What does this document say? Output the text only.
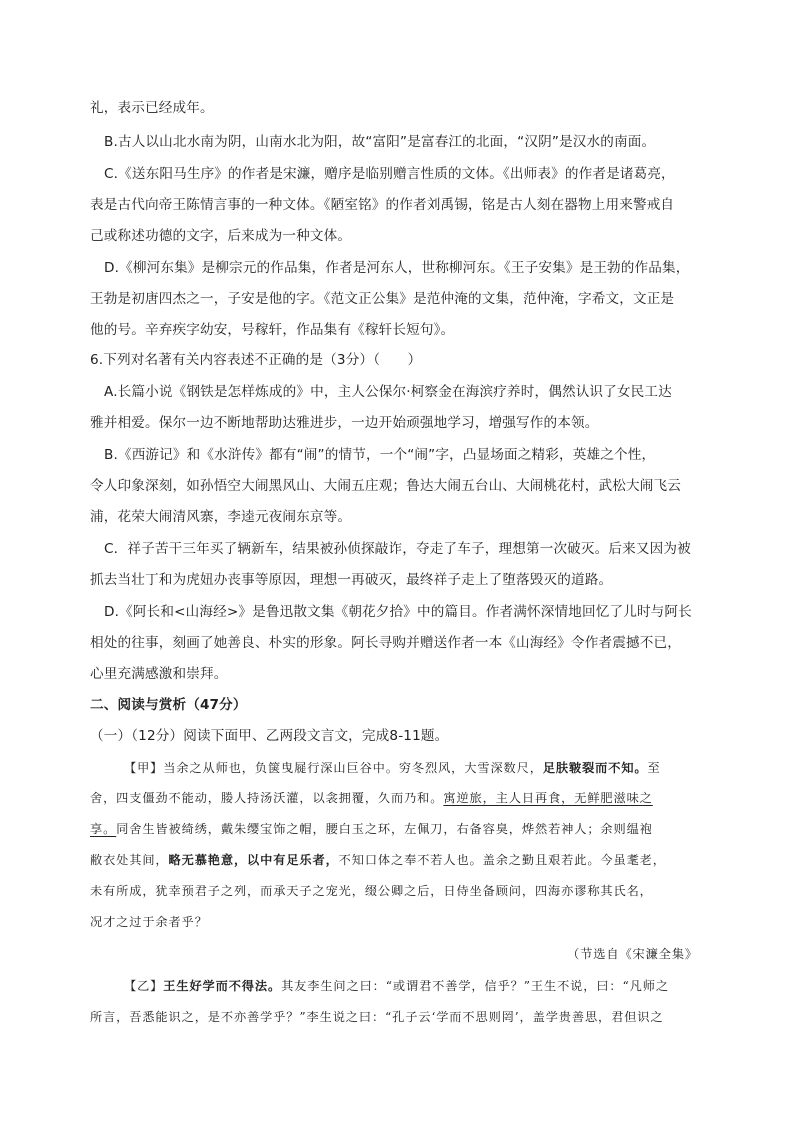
礼，表示已经成年。
B.古人以山北水南为阴，山南水北为阳，故“富阳”是富春江的北面，“汉阴”是汉水的南面。
C.《送东阳马生序》的作者是宋濂，赠序是临别赠言性质的文体。《出师表》的作者是诸葛亮，
表是古代向帝王陈情言事的一种文体。《陋室铭》的作者刘禹锡，铭是古人刻在器物上用来警戒自
己或称述功德的文字，后来成为一种文体。
D.《柳河东集》是柳宗元的作品集，作者是河东人，世称柳河东。《王子安集》是王勃的作品集，
王勃是初唐四杰之一，子安是他的字。《范文正公集》是范仲淹的文集，范仲淹，字希文，文正是
他的号。辛弃疾字幼安，号稼轩，作品集有《稼轩长短句》。
6.下列对名著有关内容表述不正确的是（3分）（　　）
A.长篇小说《钢铁是怎样炼成的》中，主人公保尔·柯察金在海滨疗养时，偶然认识了女民工达
雅并相爱。保尔一边不断地帮助达雅进步，一边开始顽强地学习，增强写作的本领。
B.《西游记》和《水浒传》都有“闹”的情节，一个“闹”字，凸显场面之精彩，英雄之个性，
令人印象深刻，如孙悟空大闹黑风山、大闹五庄观；鲁达大闹五台山、大闹桃花村，武松大闹飞云
浦，花荣大闹清风寨，李逵元夜闹东京等。
C．祥子苦干三年买了辆新车，结果被孙侦探敲诈，夺走了车子，理想第一次破灭。后来又因为被
抓去当壮丁和为虎妞办丧事等原因，理想一再破灭，最终祥子走上了堕落毁灭的道路。
D.《阿长和<山海经>》是鲁迅散文集《朝花夕拾》中的篇目。作者满怀深情地回忆了儿时与阿长
相处的往事，刻画了她善良、朴实的形象。阿长寻购并赠送作者一本《山海经》令作者震撼不已，
心里充满感激和崇拜。
二、阅读与赏析（47分）
（一）（12分）阅读下面甲、乙两段文言文，完成8-11题。
【甲】当余之从师也，负箧曳屣行深山巨谷中。穷冬烈风，大雪深数尺，足肤皲裂而不知。至
舍，四支僵劲不能动，媵人持汤沃灌，以衾拥覆，久而乃和。寓逆旅，主人日再食，无鲜肥滋味之
享。同舍生皆被绮绣，戴朱缨宝饰之帽，腰白玉之环，左佩刀，右备容臭，烨然若神人；余则缊袍
敝衣处其间，略无慕艳意，以中有足乐者，不知口体之奉不若人也。盖余之勤且艰若此。今虽耄老，
未有所成，犹幸预君子之列，而承天子之宠光，缀公卿之后，日侍坐备顾问，四海亦谬称其氏名，
况才之过于余者乎？
（节选自《宋濂全集》
【乙】王生好学而不得法。其友李生问之曰：“或谓君不善学，信乎？”王生不说，曰：“凡师之
所言，吾悉能识之，是不亦善学乎？”李生说之曰：“孔子云‘学而不思则罔’，盖学贵善思，君但识之
